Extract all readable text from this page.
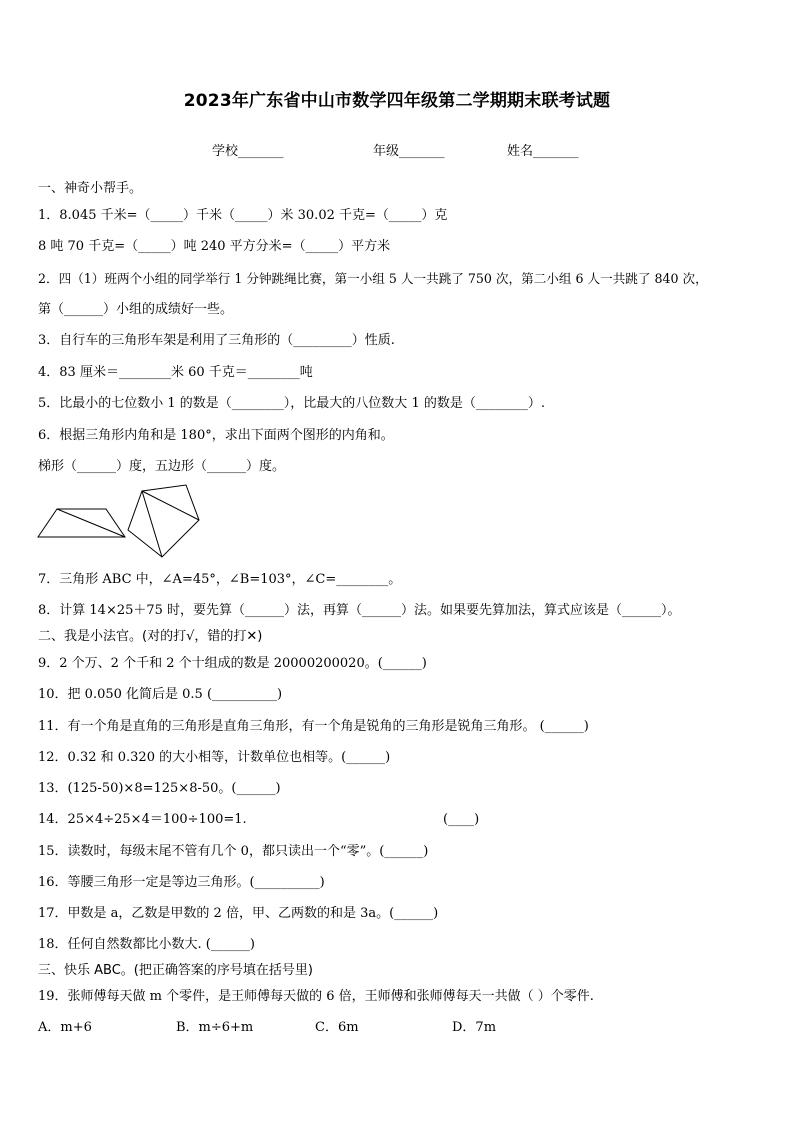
2023年广东省中山市数学四年级第二学期期末联考试题
学校_______	年级_______	姓名_______
一、神奇小帮手。
1．8.045 千米=（_____）千米（_____）米 30.02 千克=（_____）克
8 吨 70 千克=（_____）吨 240 平方分米=（_____）平方米
2．四（1）班两个小组的同学举行 1 分钟跳绳比赛，第一小组 5 人一共跳了 750 次，第二小组 6 人一共跳了 840 次，
第（______）小组的成绩好一些。
3．自行车的三角形车架是利用了三角形的（_________）性质.
4．83 厘米＝________米 60 千克＝________吨
5．比最小的七位数小 1 的数是（________），比最大的八位数大 1 的数是（________）.
6．根据三角形内角和是 180°，求出下面两个图形的内角和。
梯形（______）度，五边形（______）度。
7．三角形 ABC 中，∠A=45°，∠B=103°，∠C=________。
8．计算 14×25＋75 时，要先算（______）法，再算（______）法。如果要先算加法，算式应该是（______）。
二、我是小法官。(对的打√，错的打✕)
9．2 个万、2 个千和 2 个十组成的数是 20000200020。(______)
10．把 0.050 化简后是 0.5 (__________)
11．有一个角是直角的三角形是直角三角形，有一个角是锐角的三角形是锐角三角形。 (______)
12．0.32 和 0.320 的大小相等，计数单位也相等。(______)
13．(125-50)×8=125×8-50。(______)
14．25×4÷25×4＝100÷100=1.	(____)
15．读数时，每级末尾不管有几个 0，都只读出一个“零”。(______)
16．等腰三角形一定是等边三角形。(__________)
17．甲数是 a，乙数是甲数的 2 倍，甲、乙两数的和是 3a。(______)
18．任何自然数都比小数大. (______)
三、快乐 ABC。(把正确答案的序号填在括号里)
19．张师傅每天做 m 个零件，是王师傅每天做的 6 倍，王师傅和张师傅每天一共做（ ）个零件.
A．m+6	B．m÷6+m	C．6m	D．7m
